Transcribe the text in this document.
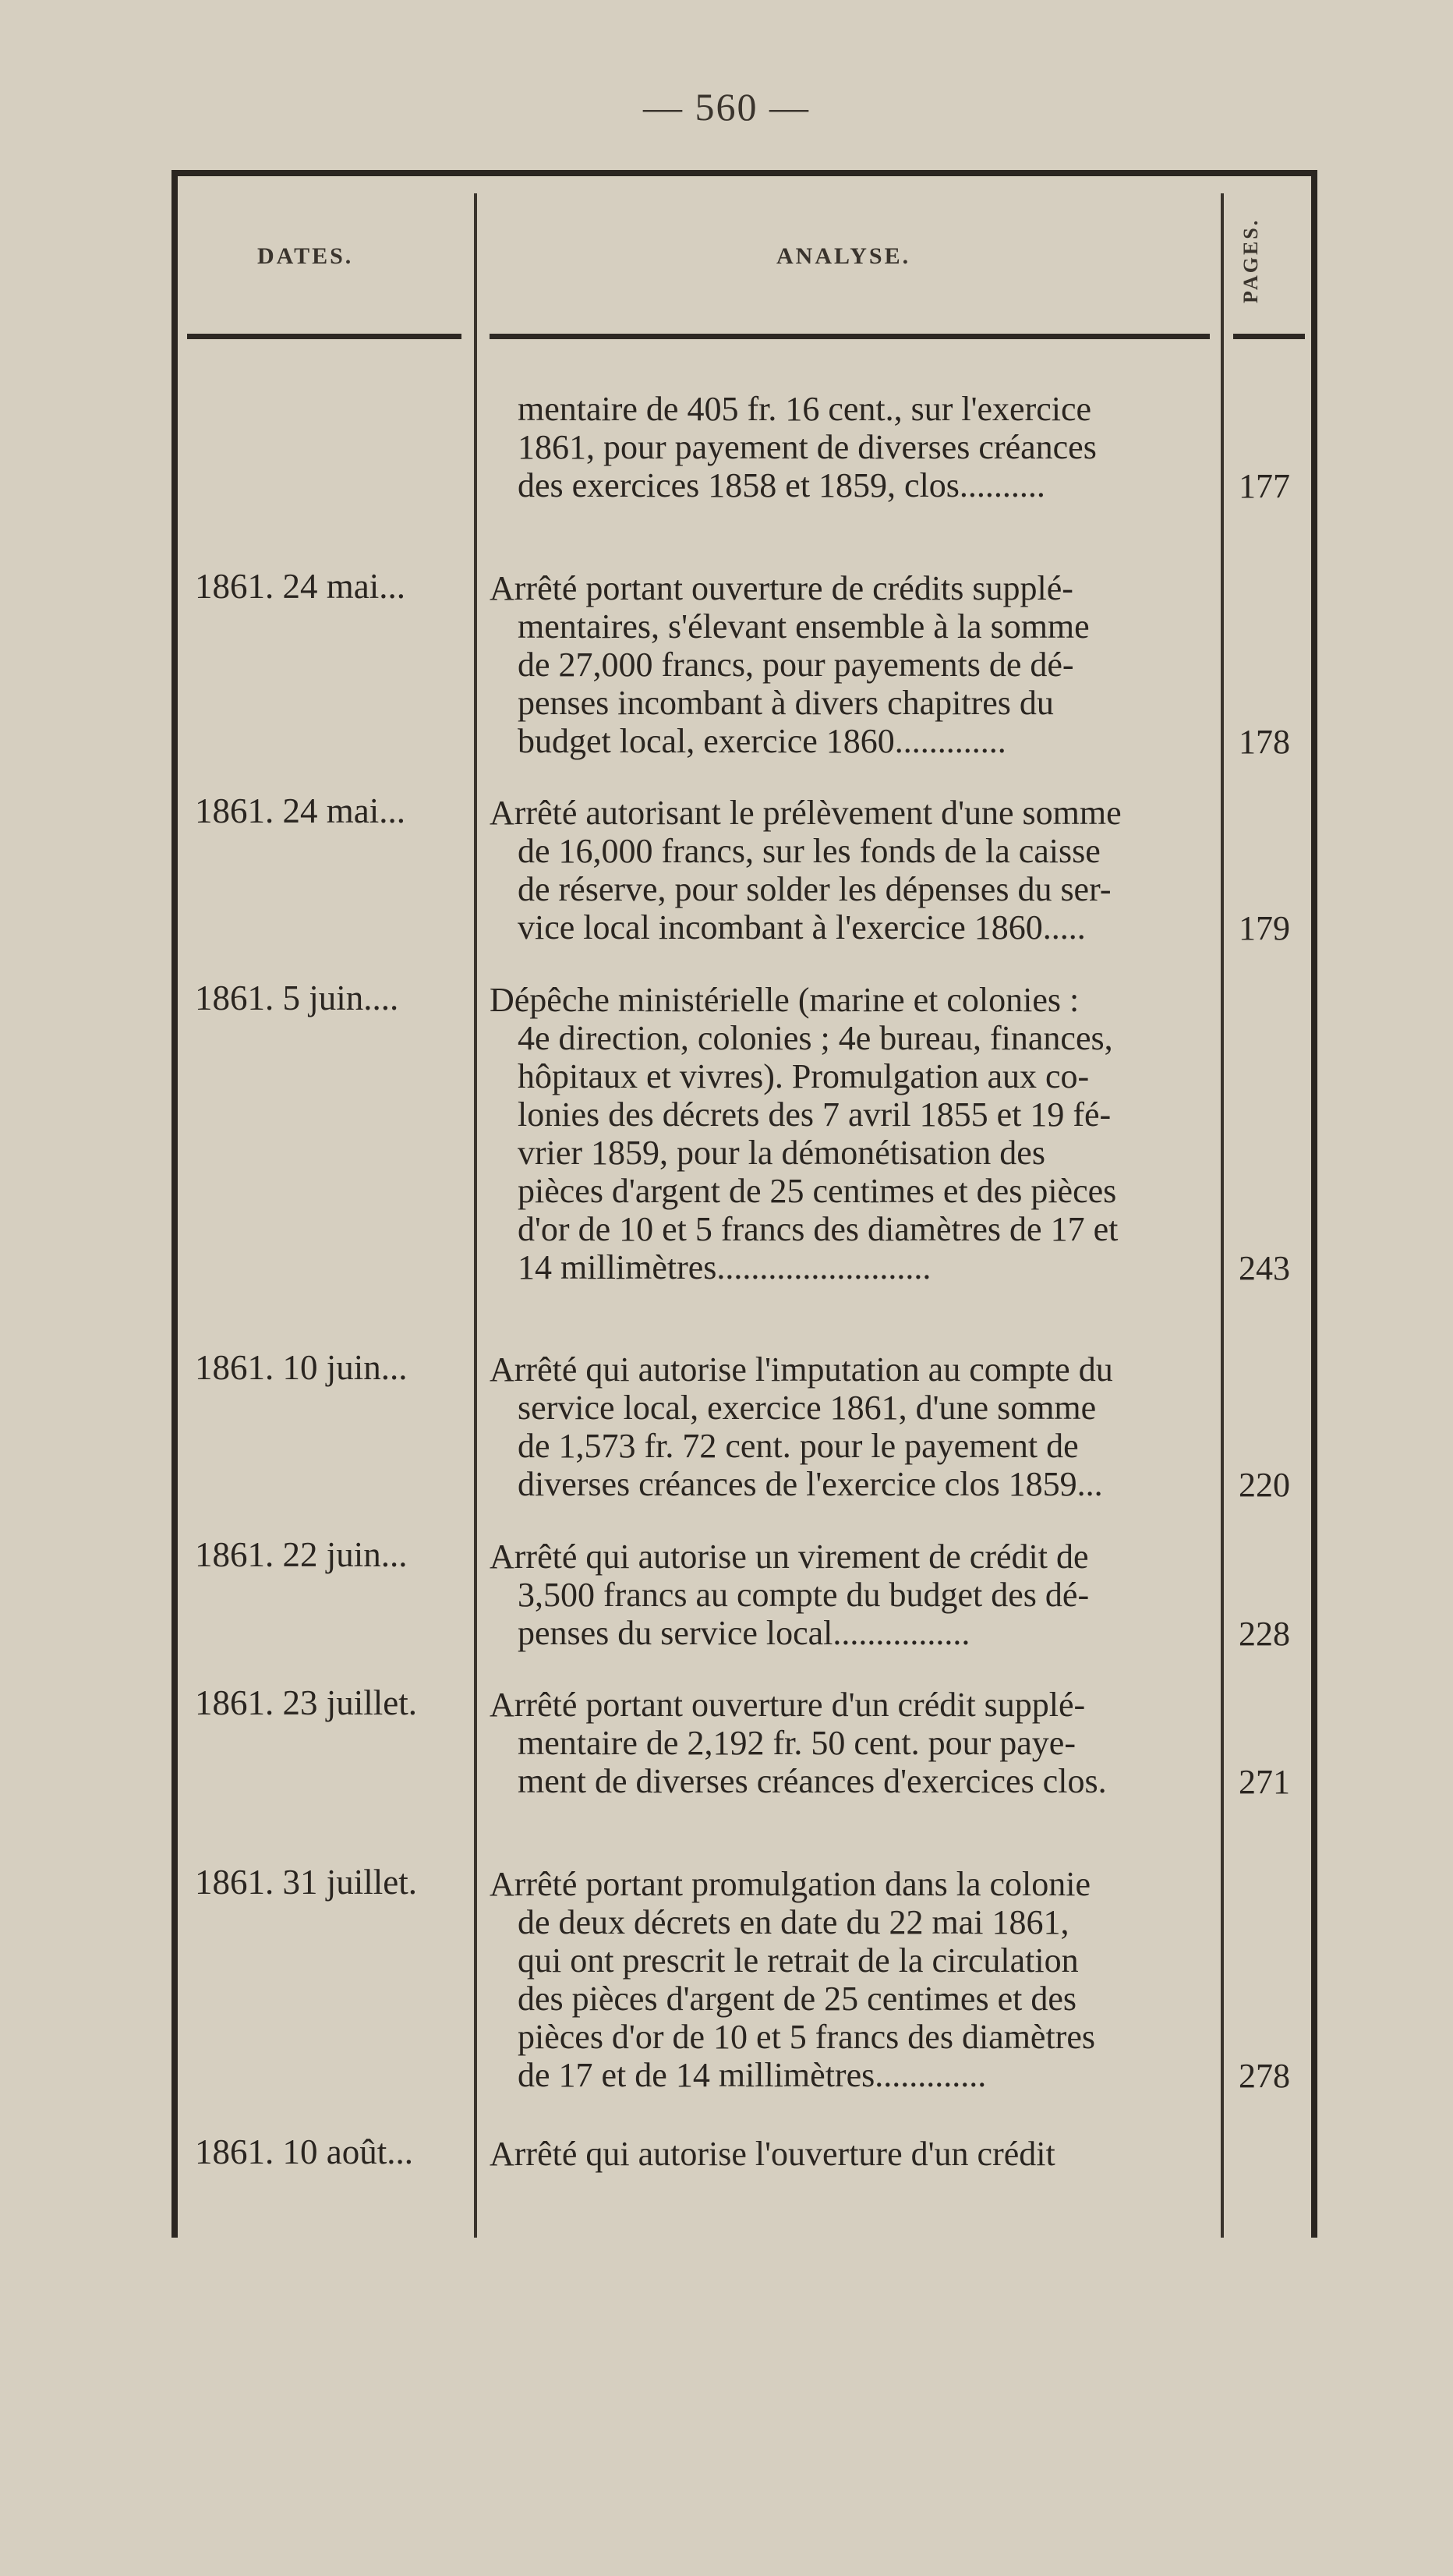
— 560 —
DATES.	ANALYSE.	PAGES.
mentaire de 405 fr. 16 cent., sur l'exercice
1861, pour payement de diverses créances
des exercices 1858 et 1859, clos..........	177
1861. 24 mai... Arrêté portant ouverture de crédits supplé-
mentaires, s'élevant ensemble à la somme
de 27,000 francs, pour payements de dé-
penses incombant à divers chapitres du
budget local, exercice 1860.............	178
1861. 24 mai... Arrêté autorisant le prélèvement d'une somme
de 16,000 francs, sur les fonds de la caisse
de réserve, pour solder les dépenses du ser-
vice local incombant à l'exercice 1860.....	179
1861. 5 juin....	Dépêche ministérielle (marine et colonies :
4e direction, colonies ; 4e bureau, finances,
hôpitaux et vivres). Promulgation aux co-
lonies des décrets des 7 avril 1855 et 19 fé-
vrier 1859, pour la démonétisation des
pièces d'argent de 25 centimes et des pièces
d'or de 10 et 5 francs des diamètres de 17 et
14 millimètres.........................	243
1861. 10 juin... Arrêté qui autorise l'imputation au compte du
service local, exercice 1861, d'une somme
de 1,573 fr. 72 cent. pour le payement de
diverses créances de l'exercice clos 1859...	220
1861. 22 juin... Arrêté qui autorise un virement de crédit de
3,500 francs au compte du budget des dé-
penses du service local................	228
1861. 23 juillet. Arrêté portant ouverture d'un crédit supplé-
mentaire de 2,192 fr. 50 cent. pour paye-
ment de diverses créances d'exercices clos.	271
1861. 31 juillet. Arrêté portant promulgation dans la colonie
de deux décrets en date du 22 mai 1861,
qui ont prescrit le retrait de la circulation
des pièces d'argent de 25 centimes et des
pièces d'or de 10 et 5 francs des diamètres
de 17 et de 14 millimètres.............	278
1861. 10 août... Arrêté qui autorise l'ouverture d'un crédit
